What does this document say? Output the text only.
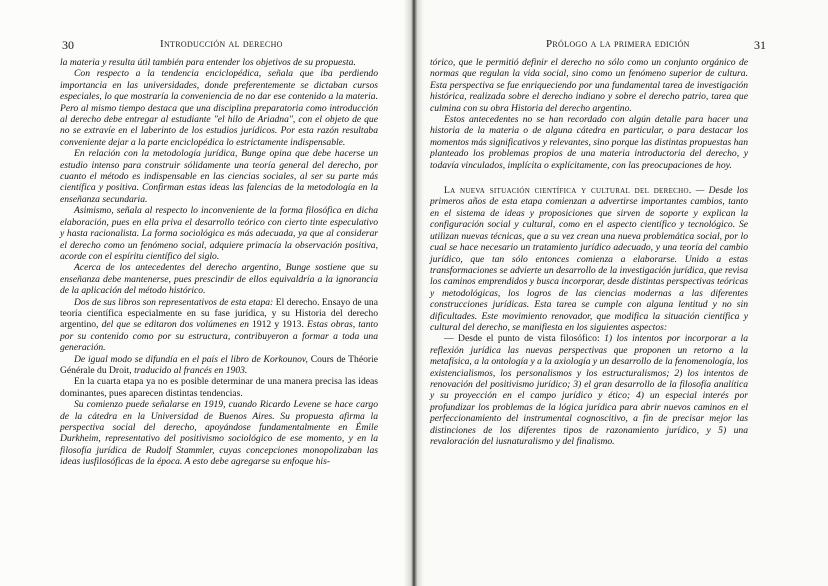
30	Introducción al derecho

la materia y resulta útil también para entender los objetivos de su propuesta.

Con respecto a la tendencia enciclopédica, señala que iba perdiendo importancia en las universidades, donde preferentemente se dictaban cursos especiales, lo que mostraría la conveniencia de no dar ese contenido a la materia. Pero al mismo tiempo destaca que una disciplina preparatoria como introducción al derecho debe entregar al estudiante "el hilo de Ariadna", con el objeto de que no se extravíe en el laberinto de los estudios jurídicos. Por esta razón resultaba conveniente dejar a la parte enciclopédica lo estrictamente indispensable.

En relación con la metodología jurídica, Bunge opina que debe hacerse un estudio intenso para construir sólidamente una teoría general del derecho, por cuanto el método es indispensable en las ciencias sociales, al ser su parte más científica y positiva. Confirman estas ideas las falencias de la metodología en la enseñanza secundaria.

Asimismo, señala al respecto lo inconveniente de la forma filosófica en dicha elaboración, pues en ella priva el desarrollo teórico con cierto tinte especulativo y hasta racionalista. La forma sociológica es más adecuada, ya que al considerar el derecho como un fenómeno social, adquiere primacía la observación positiva, acorde con el espíritu científico del siglo.

Acerca de los antecedentes del derecho argentino, Bunge sostiene que su enseñanza debe mantenerse, pues prescindir de ellos equivaldría a la ignorancia de la aplicación del método histórico.

Dos de sus libros son representativos de esta etapa: El derecho. Ensayo de una teoría científica especialmente en su fase jurídica, y su Historia del derecho argentino, del que se editaron dos volúmenes en 1912 y 1913. Estas obras, tanto por su contenido como por su estructura, contribuyeron a formar a toda una generación.

De igual modo se difundía en el país el libro de Korkounov, Cours de Théorie Générale du Droit, traducido al francés en 1903.

En la cuarta etapa ya no es posible determinar de una manera precisa las ideas dominantes, pues aparecen distintas tendencias.

Su comienzo puede señalarse en 1919, cuando Ricardo Levene se hace cargo de la cátedra en la Universidad de Buenos Aires. Su propuesta afirma la perspectiva social del derecho, apoyándose fundamentalmente en Émile Durkheim, representativo del positivismo sociológico de ese momento, y en la filosofía jurídica de Rudolf Stammler, cuyas concepciones monopolizaban las ideas iusfilosóficas de la época. A esto debe agregarse su enfoque his-

Prólogo a la primera edición	31

tórico, que le permitió definir el derecho no sólo como un conjunto orgánico de normas que regulan la vida social, sino como un fenómeno superior de cultura. Esta perspectiva se fue enriqueciendo por una fundamental tarea de investigación histórica, realizada sobre el derecho indiano y sobre el derecho patrio, tarea que culmina con su obra Historia del derecho argentino.

Estos antecedentes no se han recordado con algún detalle para hacer una historia de la materia o de alguna cátedra en particular, o para destacar los momentos más significativos y relevantes, sino porque las distintas propuestas han planteado los problemas propios de una materia introductoria del derecho, y todavía vinculados, implícita o explícitamente, con las preocupaciones de hoy.

La nueva situación científica y cultural del derecho. — Desde los primeros años de esta etapa comienzan a advertirse importantes cambios, tanto en el sistema de ideas y proposiciones que sirven de soporte y explican la configuración social y cultural, como en el aspecto científico y tecnológico. Se utilizan nuevas técnicas, que a su vez crean una nueva problemática social, por lo cual se hace necesario un tratamiento jurídico adecuado, y una teoría del cambio jurídico, que tan sólo entonces comienza a elaborarse. Unido a estas transformaciones se advierte un desarrollo de la investigación jurídica, que revisa los caminos emprendidos y busca incorporar, desde distintas perspectivas teóricas y metodológicas, los logros de las ciencias modernas a las diferentes construcciones jurídicas. Esta tarea se cumple con alguna lentitud y no sin dificultades. Este movimiento renovador, que modifica la situación científica y cultural del derecho, se manifiesta en los siguientes aspectos:

— Desde el punto de vista filosófico: 1) los intentos por incorporar a la reflexión jurídica las nuevas perspectivas que proponen un retorno a la metafísica, a la ontología y a la axiología y un desarrollo de la fenomenología, los existencialismos, los personalismos y los estructuralismos; 2) los intentos de renovación del positivismo jurídico; 3) el gran desarrollo de la filosofía analítica y su proyección en el campo jurídico y ético; 4) un especial interés por profundizar los problemas de la lógica jurídica para abrir nuevos caminos en el perfeccionamiento del instrumental cognoscitivo, a fin de precisar mejor las distinciones de los diferentes tipos de razonamiento jurídico, y 5) una revaloración del iusnaturalismo y del finalismo.
